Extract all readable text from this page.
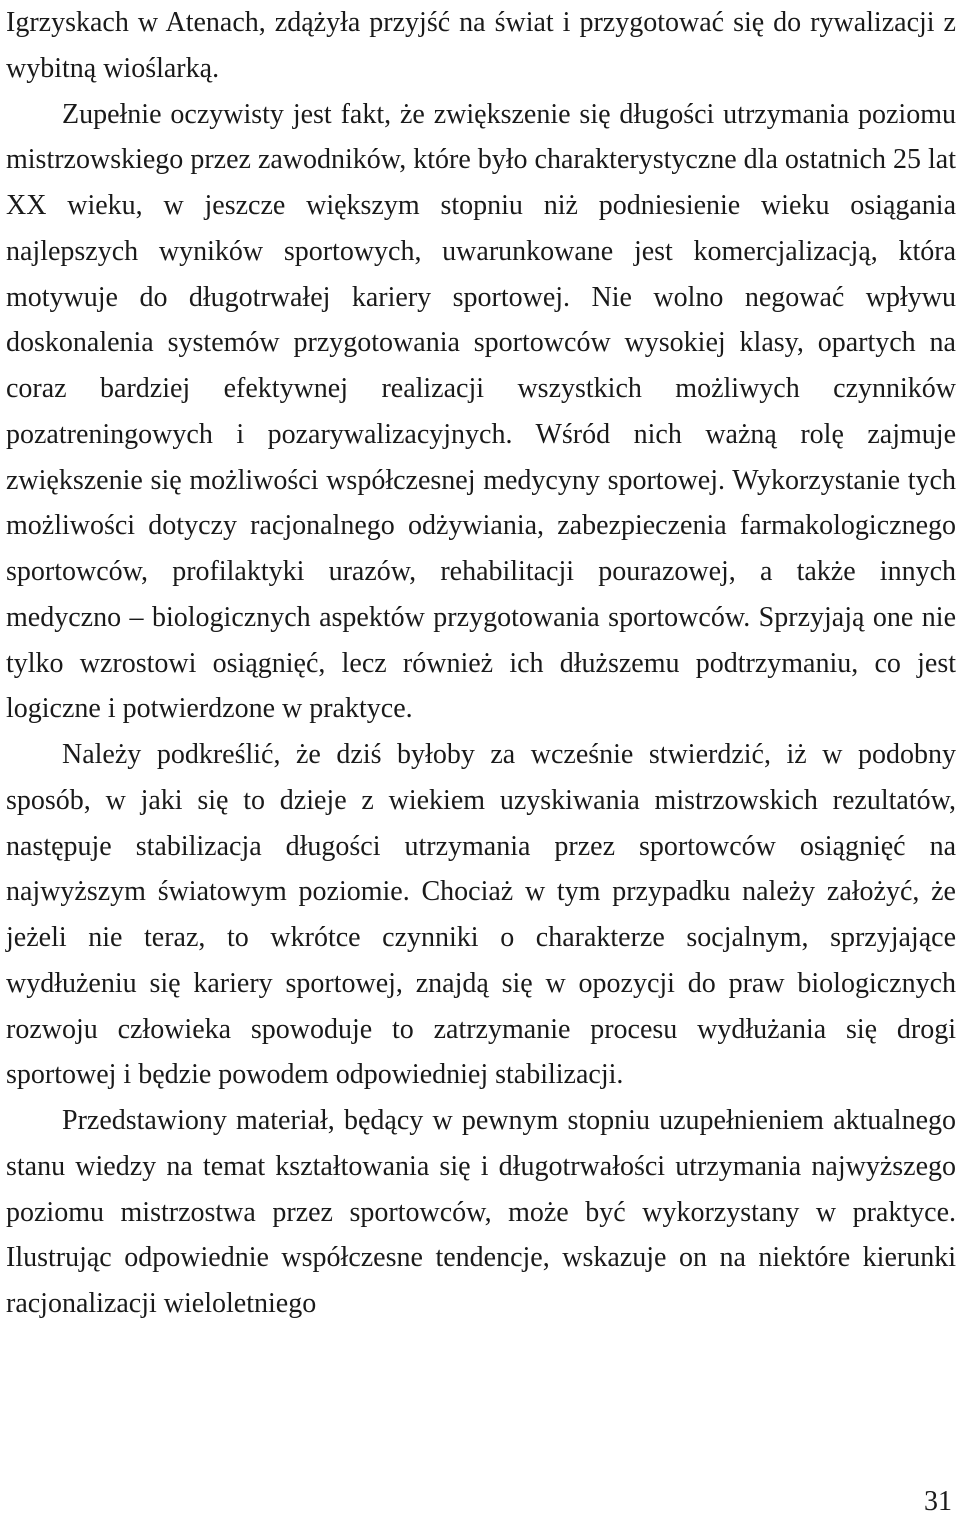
Igrzyskach w Atenach, zdążyła przyjść na świat i przygotować się do rywalizacji z wybitną wioślarką.

Zupełnie oczywisty jest fakt, że zwiększenie się długości utrzymania poziomu mistrzowskiego przez zawodników, które było charakterystyczne dla ostatnich 25 lat XX wieku, w jeszcze większym stopniu niż podniesienie wieku osiągania najlepszych wyników sportowych, uwarunkowane jest komercjalizacją, która motywuje do długotrwałej kariery sportowej. Nie wolno negować wpływu doskonalenia systemów przygotowania sportowców wysokiej klasy, opartych na coraz bardziej efektywnej realizacji wszystkich możliwych czynników pozatreningowych i pozarywalizacyjnych. Wśród nich ważną rolę zajmuje zwiększenie się możliwości współczesnej medycyny sportowej. Wykorzystanie tych możliwości dotyczy racjonalnego odżywiania, zabezpieczenia farmakologicznego sportowców, profilaktyki urazów, rehabilitacji pourazowej, a także innych medyczno – biologicznych aspektów przygotowania sportowców. Sprzyjają one nie tylko wzrostowi osiągnięć, lecz również ich dłuższemu podtrzymaniu, co jest logiczne i potwierdzone w praktyce.

Należy podkreślić, że dziś byłoby za wcześnie stwierdzić, iż w podobny sposób, w jaki się to dzieje z wiekiem uzyskiwania mistrzowskich rezultatów, następuje stabilizacja długości utrzymania przez sportowców osiągnięć na najwyższym światowym poziomie. Chociaż w tym przypadku należy założyć, że jeżeli nie teraz, to wkrótce czynniki o charakterze socjalnym, sprzyjające wydłużeniu się kariery sportowej, znajdą się w opozycji do praw biologicznych rozwoju człowieka spowoduje to zatrzymanie procesu wydłużania się drogi sportowej i będzie powodem odpowiedniej stabilizacji.

Przedstawiony materiał, będący w pewnym stopniu uzupełnieniem aktualnego stanu wiedzy na temat kształtowania się i długotrwałości utrzymania najwyższego poziomu mistrzostwa przez sportowców, może być wykorzystany w praktyce. Ilustrując odpowiednie współczesne tendencje, wskazuje on na niektóre kierunki racjonalizacji wieloletniego

31
